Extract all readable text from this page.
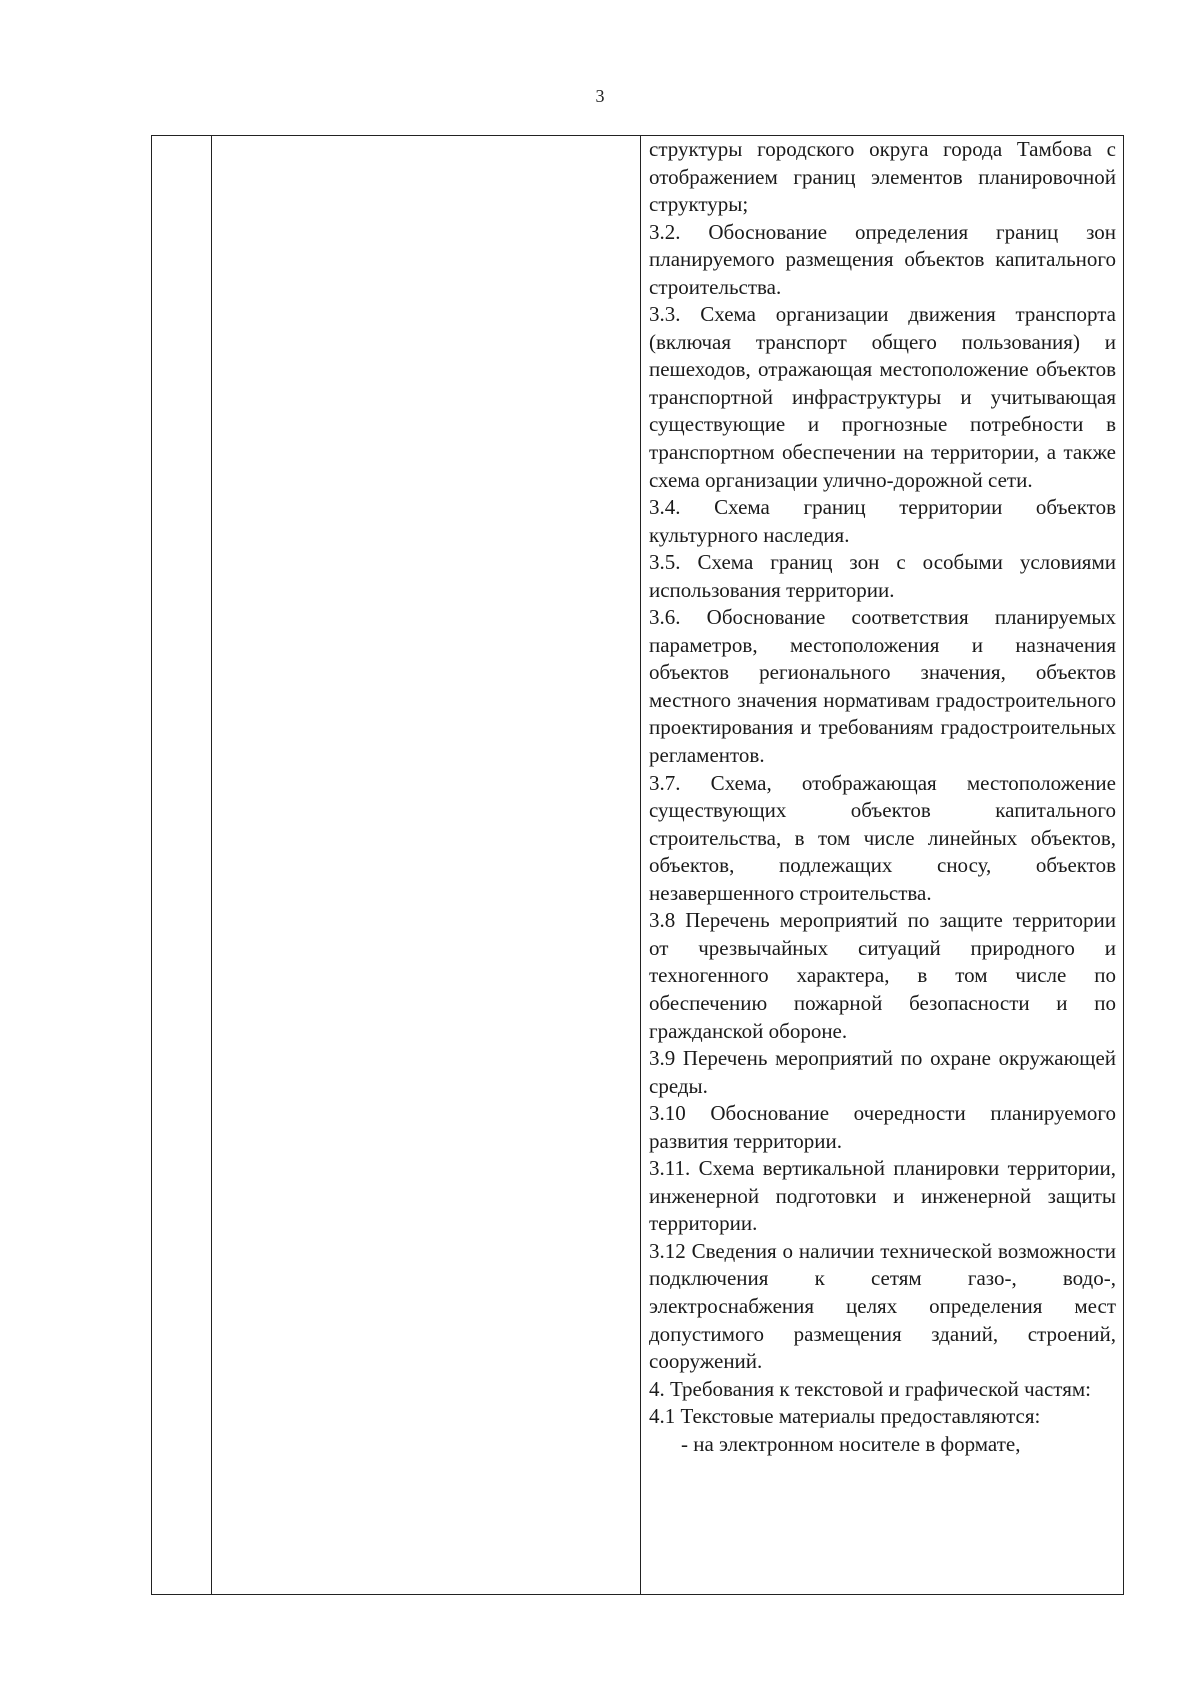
3

структуры городского округа города Тамбова с отображением границ элементов планировочной структуры;

3.2. Обоснование определения границ зон планируемого размещения объектов капитального строительства.

3.3. Схема организации движения транспорта (включая транспорт общего пользования) и пешеходов, отражающая местоположение объектов транспортной инфраструктуры и учитывающая существующие и прогнозные потребности в транспортном обеспечении на территории, а также схема организации улично-дорожной сети.

3.4. Схема границ территории объектов культурного наследия.

3.5. Схема границ зон с особыми условиями использования территории.

3.6. Обоснование соответствия планируемых параметров, местоположения и назначения объектов регионального значения, объектов местного значения нормативам градостроительного проектирования и требованиям градостроительных регламентов.

3.7. Схема, отображающая местоположение существующих объектов капитального строительства, в том числе линейных объектов, объектов, подлежащих сносу, объектов незавершенного строительства.

3.8 Перечень мероприятий по защите территории от чрезвычайных ситуаций природного и техногенного характера, в том числе по обеспечению пожарной безопасности и по гражданской обороне.

3.9 Перечень мероприятий по охране окружающей среды.

3.10 Обоснование очередности планируемого развития территории.

3.11. Схема вертикальной планировки территории, инженерной подготовки и инженерной защиты территории.

3.12 Сведения о наличии технической возможности подключения к сетям газо-, водо-, электроснабжения целях определения мест допустимого размещения зданий, строений, сооружений.

4. Требования к текстовой и графической частям:

4.1 Текстовые материалы предоставляются:

- на электронном носителе в формате,
